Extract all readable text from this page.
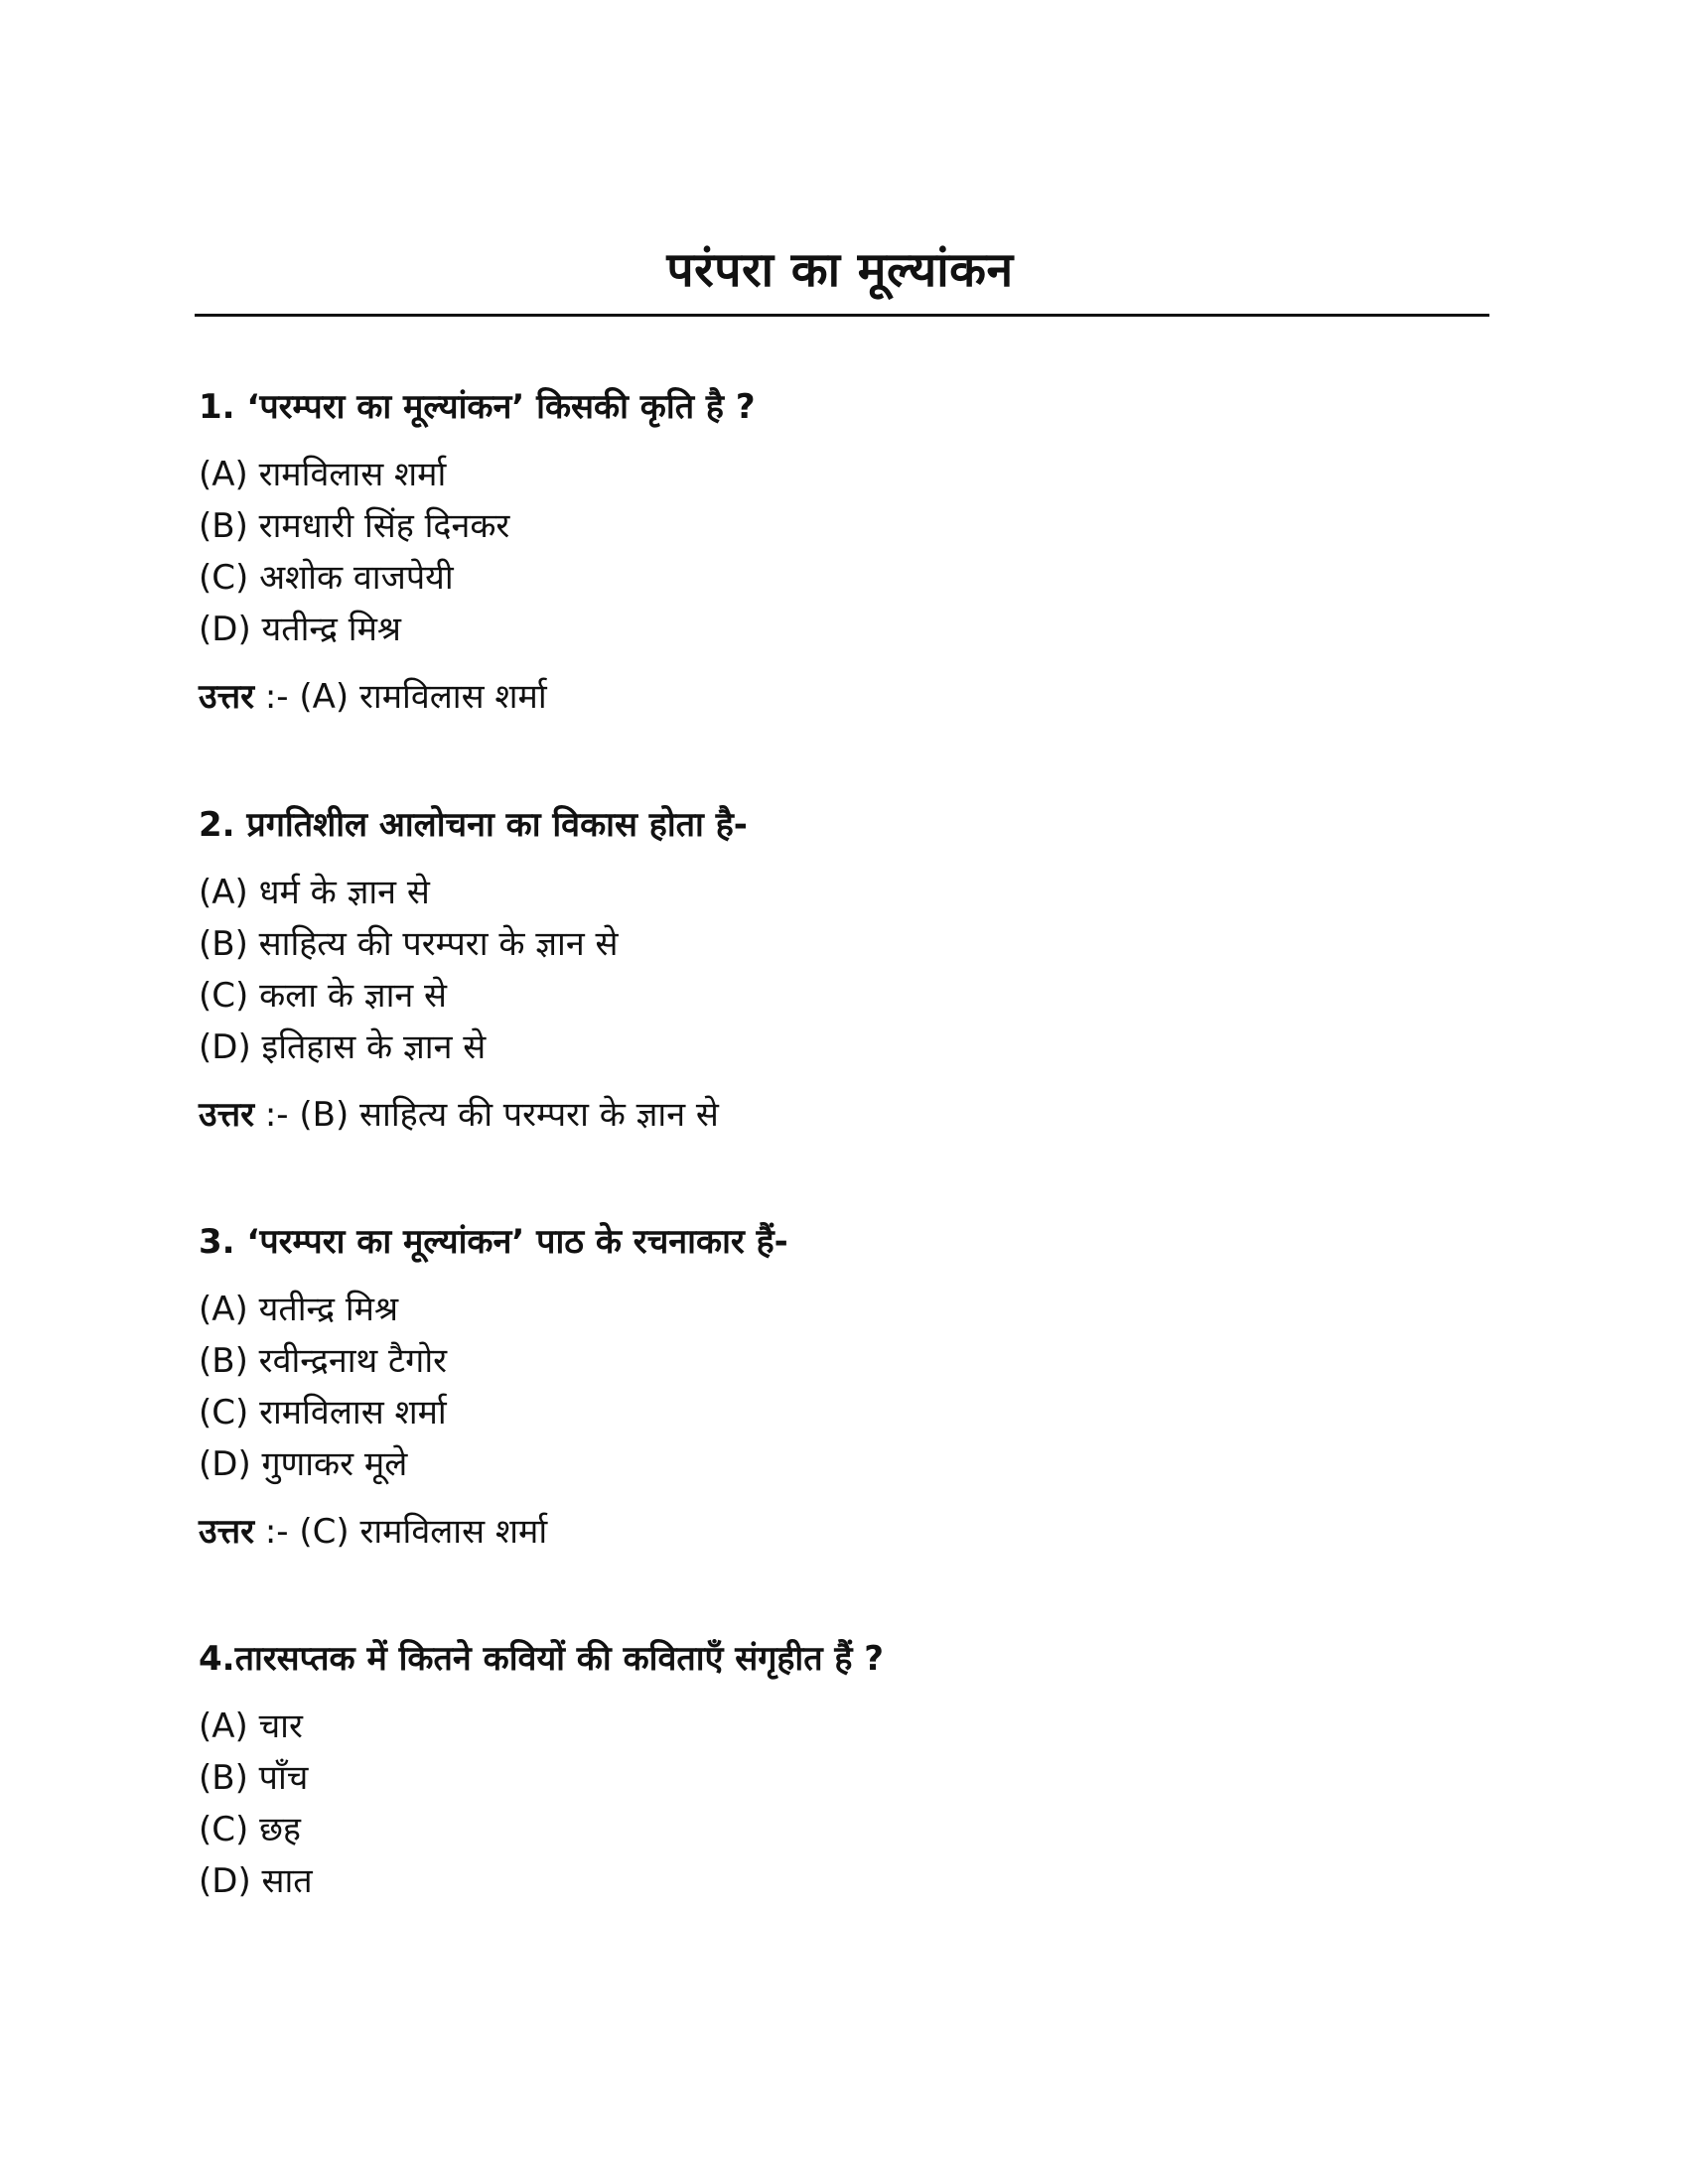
परंपरा का मूल्यांकन

1. ‘परम्परा का मूल्यांकन’ किसकी कृति है ?

(A) रामविलास शर्मा
(B) रामधारी सिंह दिनकर
(C) अशोक वाजपेयी
(D) यतीन्द्र मिश्र
उत्तर :- (A) रामविलास शर्मा

2. प्रगतिशील आलोचना का विकास होता है-

(A) धर्म के ज्ञान से
(B) साहित्य की परम्परा के ज्ञान से
(C) कला के ज्ञान से
(D) इतिहास के ज्ञान से
उत्तर :- (B) साहित्य की परम्परा के ज्ञान से

3. ‘परम्परा का मूल्यांकन’ पाठ के रचनाकार हैं-

(A) यतीन्द्र मिश्र
(B) रवीन्द्रनाथ टैगोर
(C) रामविलास शर्मा
(D) गुणाकर मूले
उत्तर :- (C) रामविलास शर्मा

4.तारसप्तक में कितने कवियों की कविताएँ संगृहीत हैं ?

(A) चार
(B) पाँच
(C) छह
(D) सात
